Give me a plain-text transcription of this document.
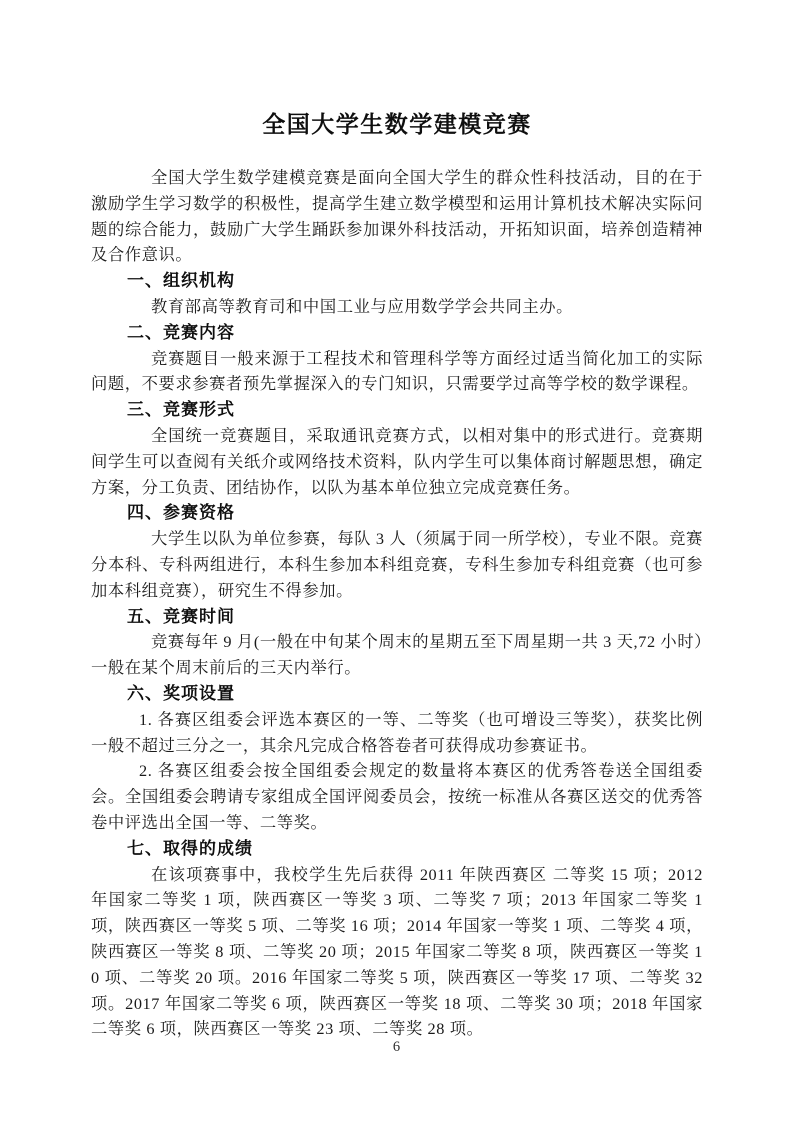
全国大学生数学建模竞赛

全国大学生数学建模竞赛是面向全国大学生的群众性科技活动，目的在于激励学生学习数学的积极性，提高学生建立数学模型和运用计算机技术解决实际问题的综合能力，鼓励广大学生踊跃参加课外科技活动，开拓知识面，培养创造精神及合作意识。

一、组织机构

教育部高等教育司和中国工业与应用数学学会共同主办。

二、竞赛内容

竞赛题目一般来源于工程技术和管理科学等方面经过适当简化加工的实际问题，不要求参赛者预先掌握深入的专门知识，只需要学过高等学校的数学课程。

三、竞赛形式

全国统一竞赛题目，采取通讯竞赛方式，以相对集中的形式进行。竞赛期间学生可以查阅有关纸介或网络技术资料，队内学生可以集体商讨解题思想，确定方案，分工负责、团结协作，以队为基本单位独立完成竞赛任务。

四、参赛资格

大学生以队为单位参赛，每队 3 人（须属于同一所学校），专业不限。竞赛分本科、专科两组进行，本科生参加本科组竞赛，专科生参加专科组竞赛（也可参加本科组竞赛），研究生不得参加。

五、竞赛时间

竞赛每年 9 月(一般在中旬某个周末的星期五至下周星期一共 3 天,72 小时）一般在某个周末前后的三天内举行。

六、奖项设置

1. 各赛区组委会评选本赛区的一等、二等奖（也可增设三等奖），获奖比例一般不超过三分之一，其余凡完成合格答卷者可获得成功参赛证书。

2. 各赛区组委会按全国组委会规定的数量将本赛区的优秀答卷送全国组委会。全国组委会聘请专家组成全国评阅委员会，按统一标准从各赛区送交的优秀答卷中评选出全国一等、二等奖。

七、取得的成绩

在该项赛事中，我校学生先后获得 2011 年陕西赛区 二等奖 15 项；2012 年国家二等奖 1 项，陕西赛区一等奖 3 项、二等奖 7 项；2013 年国家二等奖 1 项，陕西赛区一等奖 5 项、二等奖 16 项；2014 年国家一等奖 1 项、二等奖 4 项，陕西赛区一等奖 8 项、二等奖 20 项；2015 年国家二等奖 8 项，陕西赛区一等奖 10 项、二等奖 20 项。2016 年国家二等奖 5 项，陕西赛区一等奖 17 项、二等奖 32 项。2017 年国家二等奖 6 项，陕西赛区一等奖 18 项、二等奖 30 项；2018 年国家二等奖 6 项，陕西赛区一等奖 23 项、二等奖 28 项。

6
